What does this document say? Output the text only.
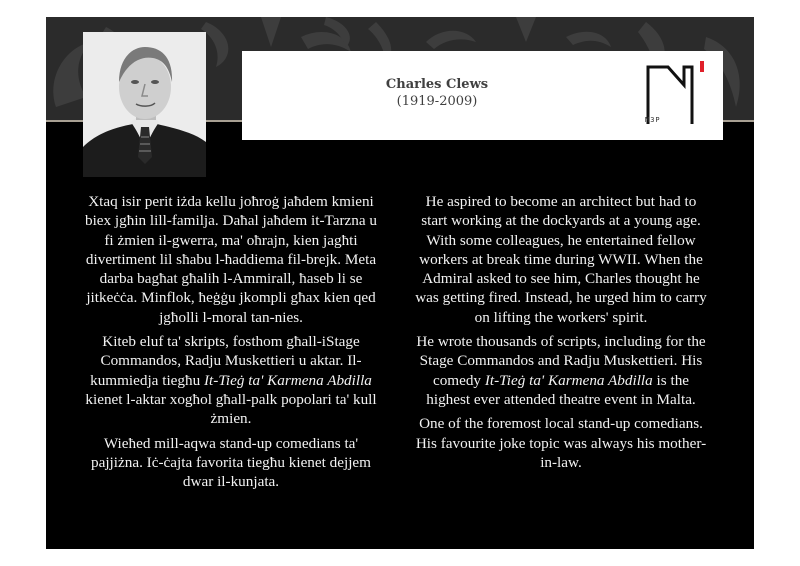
Charles Clews
(1919-2009)
M3P

Xtaq isir perit iżda kellu joħroġ jaħdem kmieni biex jgħin lill-familja. Daħal jaħdem it-Tarzna u fi żmien il-gwerra, ma' oħrajn, kien jagħti divertiment lil sħabu l-ħaddiema fil-brejk. Meta darba bagħat għalih l-Ammirall, ħaseb li se jitkeċċa. Minflok, ħeġġu jkompli għax kien qed jgħolli l-moral tan-nies.

Kiteb eluf ta' skripts, fosthom għall-iStage Commandos, Radju Muskettieri u aktar. Il-kummiedja tiegħu It-Tieġ ta' Karmena Abdilla kienet l-aktar xogħol għall-palk popolari ta' kull żmien.

Wieħed mill-aqwa stand-up comedians ta' pajjiżna. Iċ-ċajta favorita tiegħu kienet dejjem dwar il-kunjata.

He aspired to become an architect but had to start working at the dockyards at a young age. With some colleagues, he entertained fellow workers at break time during WWII. When the Admiral asked to see him, Charles thought he was getting fired. Instead, he urged him to carry on lifting the workers' spirit.

He wrote thousands of scripts, including for the Stage Commandos and Radju Muskettieri. His comedy It-Tieġ ta' Karmena Abdilla is the highest ever attended theatre event in Malta.

One of the foremost local stand-up comedians. His favourite joke topic was always his mother-in-law.
